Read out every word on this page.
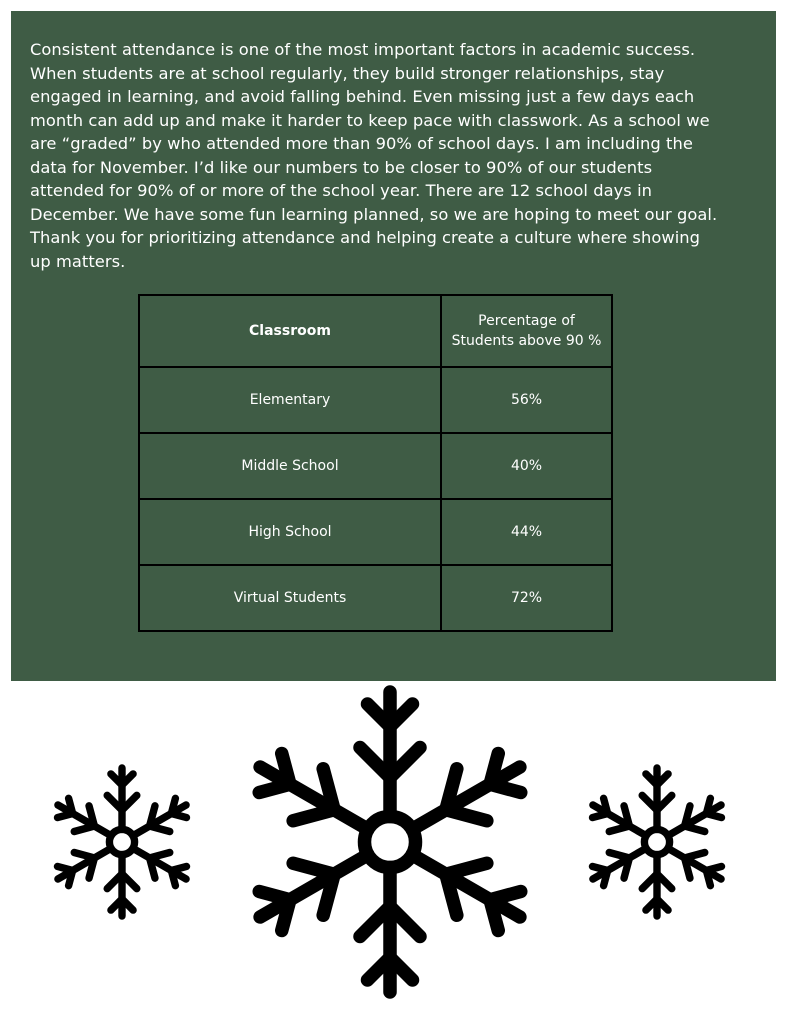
Consistent attendance is one of the most important factors in academic success.
When students are at school regularly, they build stronger relationships, stay
engaged in learning, and avoid falling behind. Even missing just a few days each
month can add up and make it harder to keep pace with classwork. As a school we
are “graded” by who attended more than 90% of school days. I am including the
data for November. I’d like our numbers to be closer to 90% of our students
attended for 90% of or more of the school year. There are 12 school days in
December. We have some fun learning planned, so we are hoping to meet our goal.
Thank you for prioritizing attendance and helping create a culture where showing
up matters.

Classroom	Percentage of
Students above 90 %
Elementary	56%
Middle School	40%
High School	44%
Virtual Students	72%
